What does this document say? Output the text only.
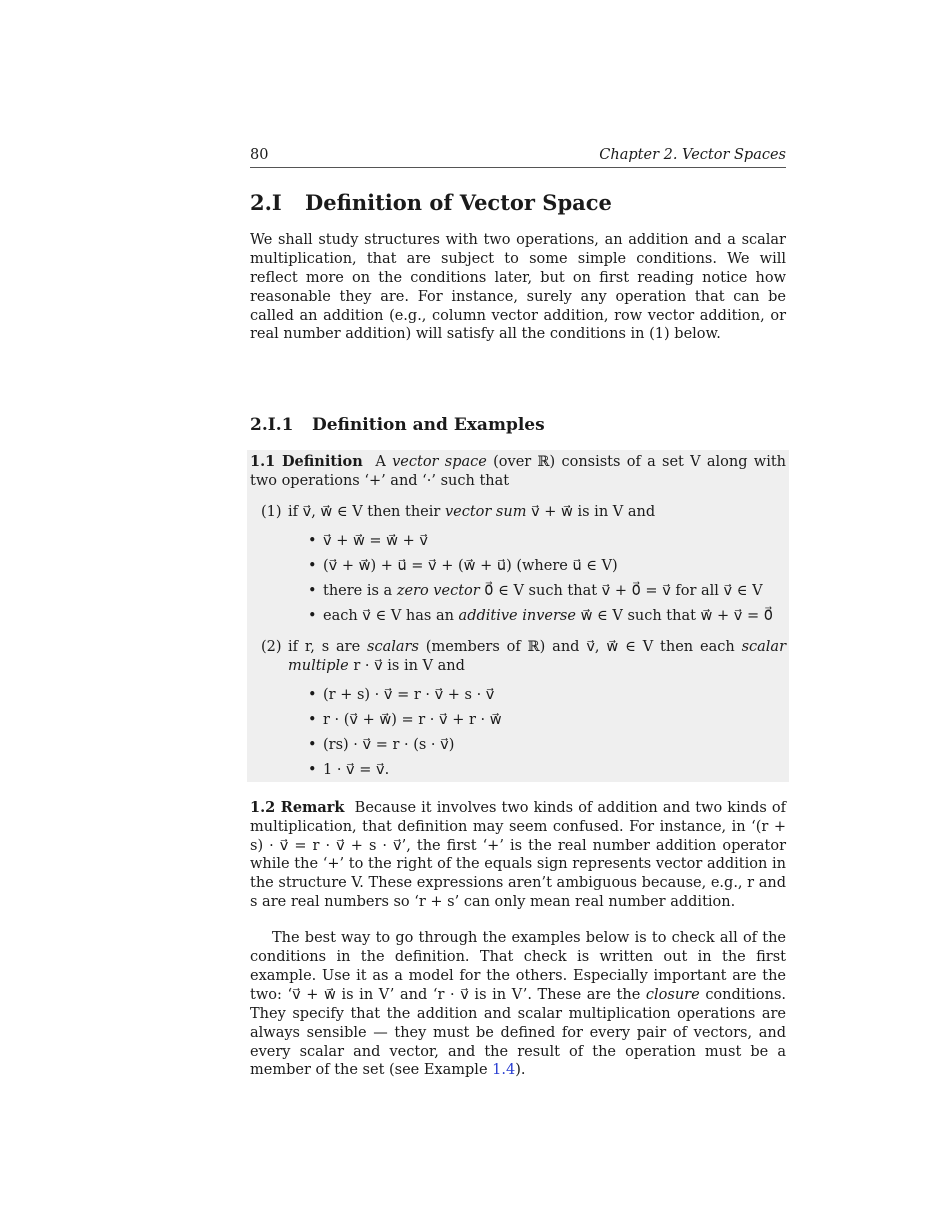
80	Chapter 2. Vector Spaces
2.I	Definition of Vector Space

We shall study structures with two operations, an addition and a scalar multiplication, that are subject to some simple conditions. We will reflect more on the conditions later, but on first reading notice how reasonable they are. For instance, surely any operation that can be called an addition (e.g., column vector addition, row vector addition, or real number addition) will satisfy all the conditions in (1) below.

2.I.1	Definition and Examples

1.1 Definition A vector space (over ℝ) consists of a set V along with two operations ‘+’ and ‘·’ such that

(1) if v⃗, w⃗ ∈ V then their vector sum v⃗ + w⃗ is in V and
• v⃗ + w⃗ = w⃗ + v⃗
• (v⃗ + w⃗) + u⃗ = v⃗ + (w⃗ + u⃗) (where u⃗ ∈ V)
• there is a zero vector 0⃗ ∈ V such that v⃗ + 0⃗ = v⃗ for all v⃗ ∈ V
• each v⃗ ∈ V has an additive inverse w⃗ ∈ V such that w⃗ + v⃗ = 0⃗
(2) if r, s are scalars (members of ℝ) and v⃗, w⃗ ∈ V then each scalar multiple r · v⃗ is in V and
• (r + s) · v⃗ = r · v⃗ + s · v⃗
• r · (v⃗ + w⃗) = r · v⃗ + r · w⃗
• (rs) · v⃗ = r · (s · v⃗)
• 1 · v⃗ = v⃗.

1.2 Remark Because it involves two kinds of addition and two kinds of multiplication, that definition may seem confused. For instance, in ‘(r + s) · v⃗ = r · v⃗ + s · v⃗’, the first ‘+’ is the real number addition operator while the ‘+’ to the right of the equals sign represents vector addition in the structure V. These expressions aren’t ambiguous because, e.g., r and s are real numbers so ‘r + s’ can only mean real number addition.

The best way to go through the examples below is to check all of the conditions in the definition. That check is written out in the first example. Use it as a model for the others. Especially important are the two: ‘v⃗ + w⃗ is in V’ and ‘r · v⃗ is in V’. These are the closure conditions. They specify that the addition and scalar multiplication operations are always sensible — they must be defined for every pair of vectors, and every scalar and vector, and the result of the operation must be a member of the set (see Example 1.4).
